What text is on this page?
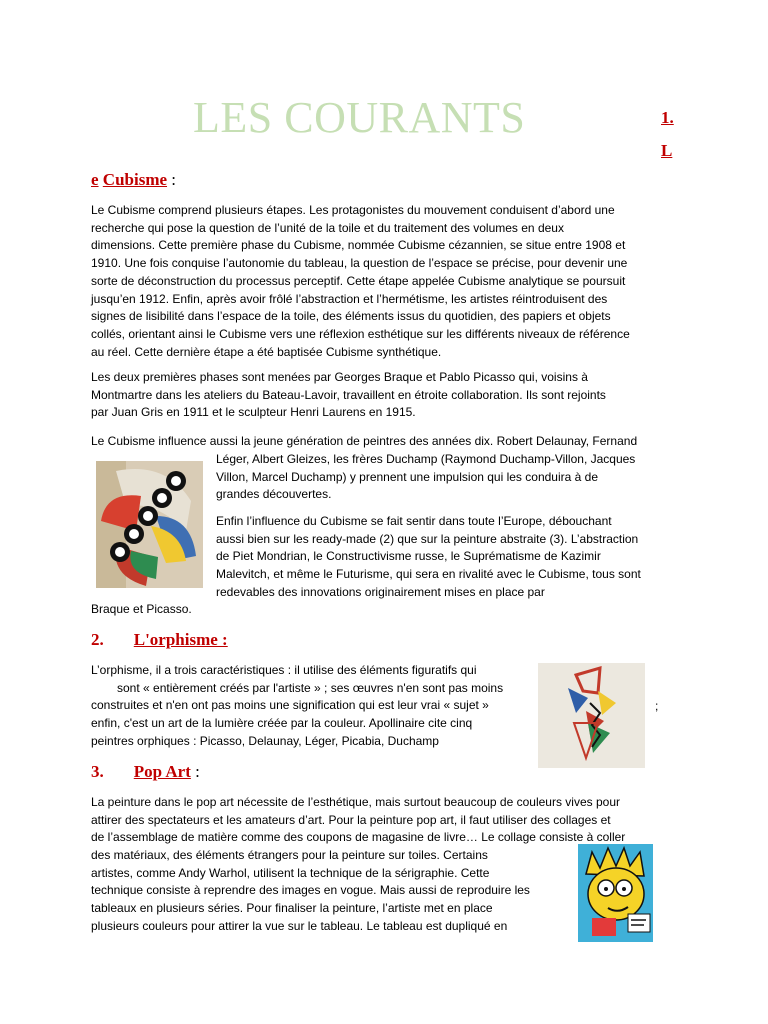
LES COURANTS	1.
L
e Cubisme :

Le Cubisme comprend plusieurs étapes. Les protagonistes du mouvement conduisent d’abord une

recherche qui pose la question de l’unité de la toile et du traitement des volumes en deux

dimensions. Cette première phase du Cubisme, nommée Cubisme cézannien, se situe entre 1908 et

1910. Une fois conquise l’autonomie du tableau, la question de l’espace se précise, pour devenir une

sorte de déconstruction du processus perceptif. Cette étape appelée Cubisme analytique se poursuit

jusqu’en 1912. Enfin, après avoir frôlé l’abstraction et l’hermétisme, les artistes réintroduisent des

signes de lisibilité dans l’espace de la toile, des éléments issus du quotidien, des papiers et objets

collés, orientant ainsi le Cubisme vers une réflexion esthétique sur les différents niveaux de référence

au réel. Cette dernière étape a été baptisée Cubisme synthétique.

Les deux premières phases sont menées par Georges Braque et Pablo Picasso qui, voisins à

Montmartre dans les ateliers du Bateau-Lavoir, travaillent en étroite collaboration. Ils sont rejoints

par Juan Gris en 1911 et le sculpteur Henri Laurens en 1915.

Le Cubisme influence aussi la jeune génération de peintres des années dix. Robert Delaunay, Fernand

Léger, Albert Gleizes, les frères Duchamp (Raymond Duchamp-Villon, Jacques

Villon, Marcel Duchamp) y prennent une impulsion qui les conduira à de

grandes découvertes.

Enfin l’influence du Cubisme se fait sentir dans toute l’Europe, débouchant

aussi bien sur les ready-made (2) que sur la peinture abstraite (3). L’abstraction

de Piet Mondrian, le Constructivisme russe, le Suprématisme de Kazimir

Malevitch, et même le Futurisme, qui sera en rivalité avec le Cubisme, tous sont

redevables des innovations originairement mises en place par

Braque et Picasso.

2. L'orphisme :

L’orphisme, il a trois caractéristiques : il utilise des éléments figuratifs qui

sont « entièrement créés par l'artiste » ; ses œuvres n'en sont pas moins

construites et n'en ont pas moins une signification qui est leur vrai « sujet »

enfin, c'est un art de la lumière créée par la couleur. Apollinaire cite cinq

peintres orphiques : Picasso, Delaunay, Léger, Picabia, Duchamp

;
3. Pop Art :

La peinture dans le pop art nécessite de l’esthétique, mais surtout beaucoup de couleurs vives pour

attirer des spectateurs et les amateurs d’art. Pour la peinture pop art, il faut utiliser des collages et

de l’assemblage de matière comme des coupons de magasine de livre… Le collage consiste à coller

des matériaux, des éléments étrangers pour la peinture sur toiles. Certains

artistes, comme Andy Warhol, utilisent la technique de la sérigraphie. Cette

technique consiste à reprendre des images en vogue. Mais aussi de reproduire les

tableaux en plusieurs séries. Pour finaliser la peinture, l’artiste met en place

plusieurs couleurs pour attirer la vue sur le tableau. Le tableau est dupliqué en
